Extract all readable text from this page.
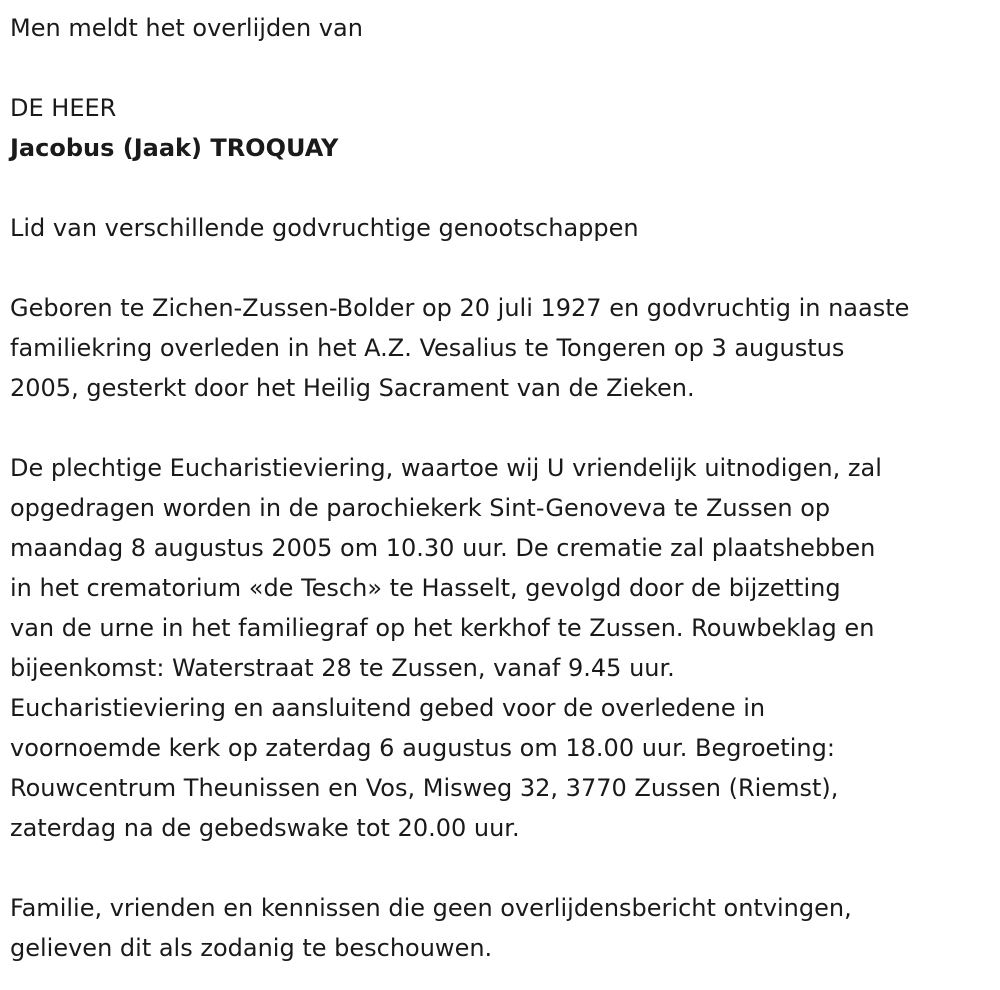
Men meldt het overlijden van

DE HEER

Jacobus (Jaak) TROQUAY

Lid van verschillende godvruchtige genootschappen

Geboren te Zichen-Zussen-Bolder op 20 juli 1927 en godvruchtig in naaste

familiekring overleden in het A.Z. Vesalius te Tongeren op 3 augustus

2005, gesterkt door het Heilig Sacrament van de Zieken.

De plechtige Eucharistieviering, waartoe wij U vriendelijk uitnodigen, zal

opgedragen worden in de parochiekerk Sint-Genoveva te Zussen op

maandag 8 augustus 2005 om 10.30 uur. De crematie zal plaatshebben

in het crematorium «de Tesch» te Hasselt, gevolgd door de bijzetting

van de urne in het familiegraf op het kerkhof te Zussen. Rouwbeklag en

bijeenkomst: Waterstraat 28 te Zussen, vanaf 9.45 uur.

Eucharistieviering en aansluitend gebed voor de overledene in

voornoemde kerk op zaterdag 6 augustus om 18.00 uur. Begroeting:

Rouwcentrum Theunissen en Vos, Misweg 32, 3770 Zussen (Riemst),

zaterdag na de gebedswake tot 20.00 uur.

Familie, vrienden en kennissen die geen overlijdensbericht ontvingen,

gelieven dit als zodanig te beschouwen.
